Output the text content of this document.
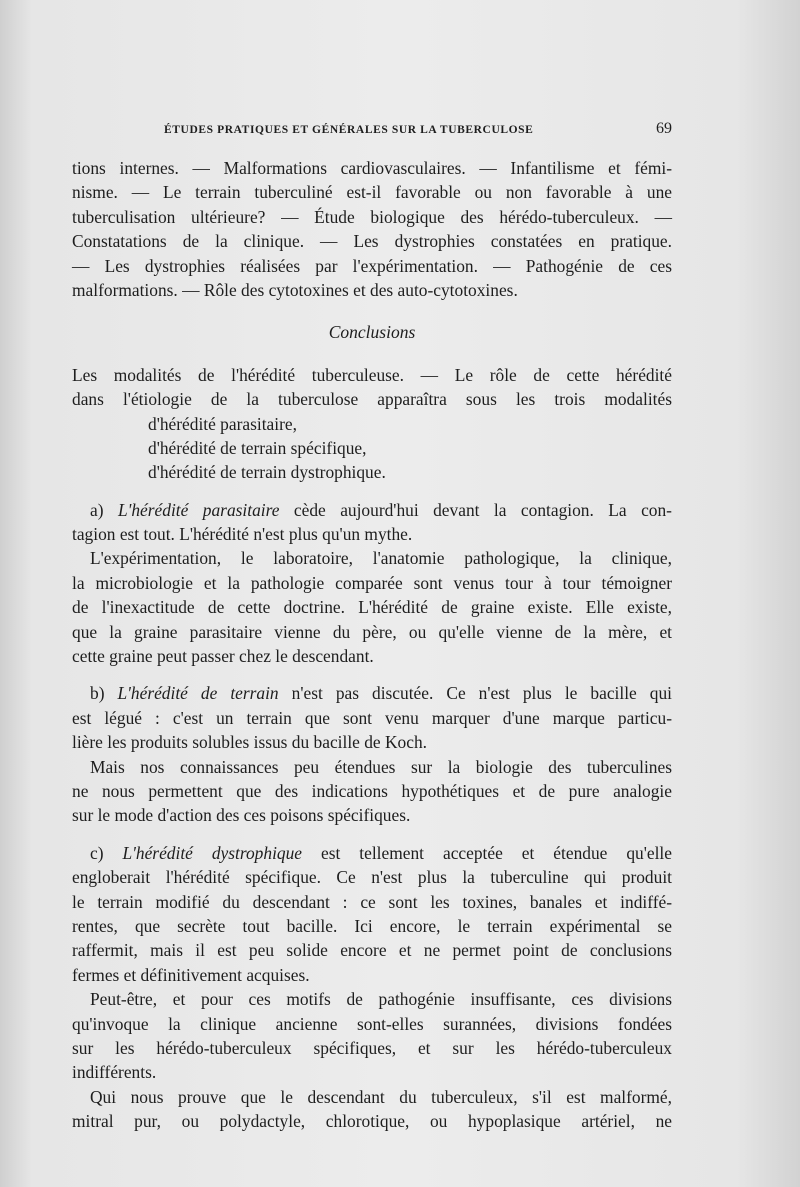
ÉTUDES PRATIQUES ET GÉNÉRALES SUR LA TUBERCULOSE	69
tions internes. — Malformations cardiovasculaires. — Infantilisme et fémi-
nisme. — Le terrain tuberculiné est-il favorable ou non favorable à une
tuberculisation ultérieure? — Étude biologique des hérédo-tuberculeux. —
Constatations de la clinique. — Les dystrophies constatées en pratique.
— Les dystrophies réalisées par l'expérimentation. — Pathogénie de ces
malformations. — Rôle des cytotoxines et des auto-cytotoxines.
Conclusions
Les modalités de l'hérédité tuberculeuse. — Le rôle de cette hérédité
dans l'étiologie de la tuberculose apparaîtra sous les trois modalités
d'hérédité parasitaire,
d'hérédité de terrain spécifique,
d'hérédité de terrain dystrophique.
a) L'hérédité parasitaire cède aujourd'hui devant la contagion. La con-
tagion est tout. L'hérédité n'est plus qu'un mythe.
L'expérimentation, le laboratoire, l'anatomie pathologique, la clinique,
la microbiologie et la pathologie comparée sont venus tour à tour témoigner
de l'inexactitude de cette doctrine. L'hérédité de graine existe. Elle existe,
que la graine parasitaire vienne du père, ou qu'elle vienne de la mère, et
cette graine peut passer chez le descendant.
b) L'hérédité de terrain n'est pas discutée. Ce n'est plus le bacille qui
est légué : c'est un terrain que sont venu marquer d'une marque particu-
lière les produits solubles issus du bacille de Koch.
Mais nos connaissances peu étendues sur la biologie des tuberculines
ne nous permettent que des indications hypothétiques et de pure analogie
sur le mode d'action des ces poisons spécifiques.
c) L'hérédité dystrophique est tellement acceptée et étendue qu'elle
engloberait l'hérédité spécifique. Ce n'est plus la tuberculine qui produit
le terrain modifié du descendant : ce sont les toxines, banales et indiffé-
rentes, que secrète tout bacille. Ici encore, le terrain expérimental se
raffermit, mais il est peu solide encore et ne permet point de conclusions
fermes et définitivement acquises.
Peut-être, et pour ces motifs de pathogénie insuffisante, ces divisions
qu'invoque la clinique ancienne sont-elles surannées, divisions fondées
sur les hérédo-tuberculeux spécifiques, et sur les hérédo-tuberculeux
indifférents.
Qui nous prouve que le descendant du tuberculeux, s'il est malformé,
mitral pur, ou polydactyle, chlorotique, ou hypoplasique artériel, ne
